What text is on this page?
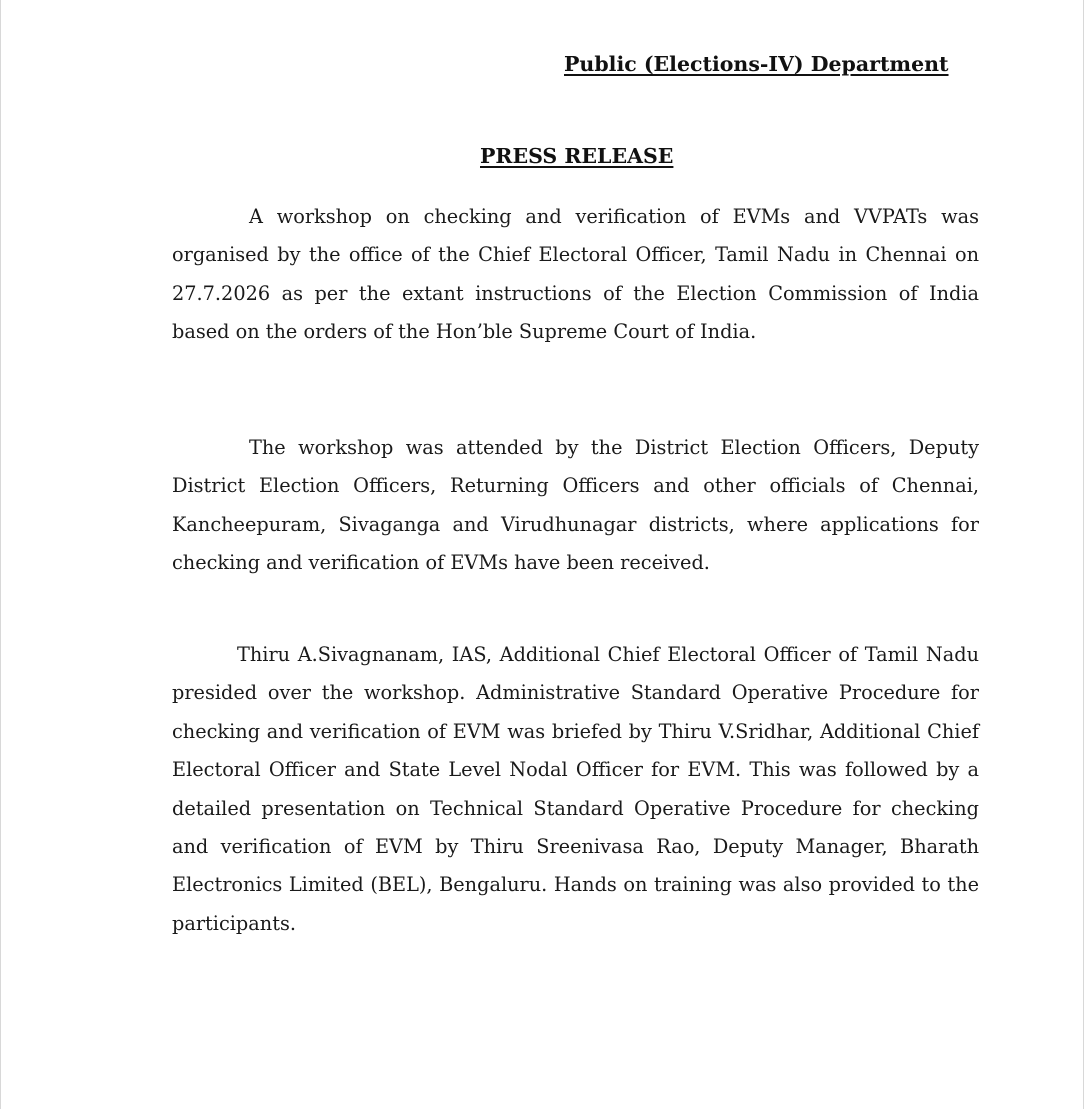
Public (Elections-IV) Department

PRESS RELEASE

A workshop on checking and verification of EVMs and VVPATs was organised by the office of the Chief Electoral Officer, Tamil Nadu in Chennai on 27.7.2026 as per the extant instructions of the Election Commission of India based on the orders of the Hon’ble Supreme Court of India.

The workshop was attended by the District Election Officers, Deputy District Election Officers, Returning Officers and other officials of Chennai, Kancheepuram, Sivaganga and Virudhunagar districts, where applications for checking and verification of EVMs have been received.

Thiru A.Sivagnanam, IAS, Additional Chief Electoral Officer of Tamil Nadu presided over the workshop. Administrative Standard Operative Procedure for checking and verification of EVM was briefed by Thiru V.Sridhar, Additional Chief Electoral Officer and State Level Nodal Officer for EVM. This was followed by a detailed presentation on Technical Standard Operative Procedure for checking and verification of EVM by Thiru Sreenivasa Rao, Deputy Manager, Bharath Electronics Limited (BEL), Bengaluru. Hands on training was also provided to the participants.
